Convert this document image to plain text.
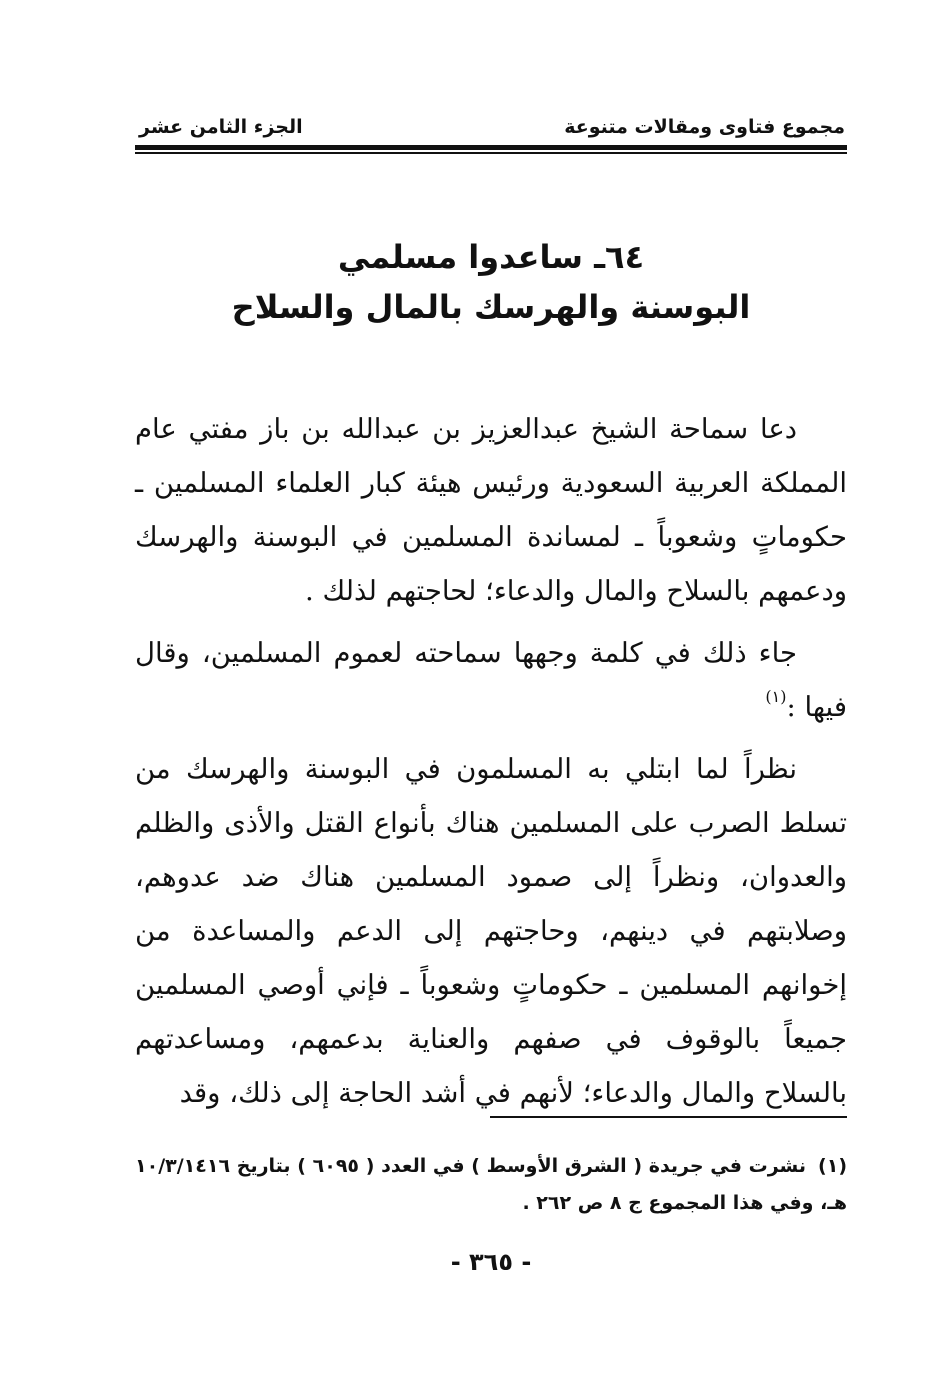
مجموع فتاوى ومقالات متنوعة
الجزء الثامن عشر
٦٤ـ ساعدوا مسلمي
البوسنة والهرسك بالمال والسلاح

دعا سماحة الشيخ عبدالعزيز بن عبدالله بن باز مفتي عام المملكة العربية السعودية ورئيس هيئة كبار العلماء المسلمين ـ حكوماتٍ وشعوباً ـ لمساندة المسلمين في البوسنة والهرسك ودعمهم بالسلاح والمال والدعاء؛ لحاجتهم لذلك .

جاء ذلك في كلمة وجهها سماحته لعموم المسلمين، وقال فيها :$^{(١)}$

نظراً لما ابتلي به المسلمون في البوسنة والهرسك من تسلط الصرب على المسلمين هناك بأنواع القتل والأذى والظلم والعدوان، ونظراً إلى صمود المسلمين هناك ضد عدوهم، وصلابتهم في دينهم، وحاجتهم إلى الدعم والمساعدة من إخوانهم المسلمين ـ حكوماتٍ وشعوباً ـ فإني أوصي المسلمين جميعاً بالوقوف في صفهم والعناية بدعمهم، ومساعدتهم بالسلاح والمال والدعاء؛ لأنهم في أشد الحاجة إلى ذلك، وقد

(١)نشرت في جريدة ( الشرق الأوسط ) في العدد ( ٦٠٩٥ ) بتاريخ ١٠/٣/١٤١٦ هـ، وفي هذا المجموع ج ٨ ص ٢٦٢ .
- ٣٦٥ -
